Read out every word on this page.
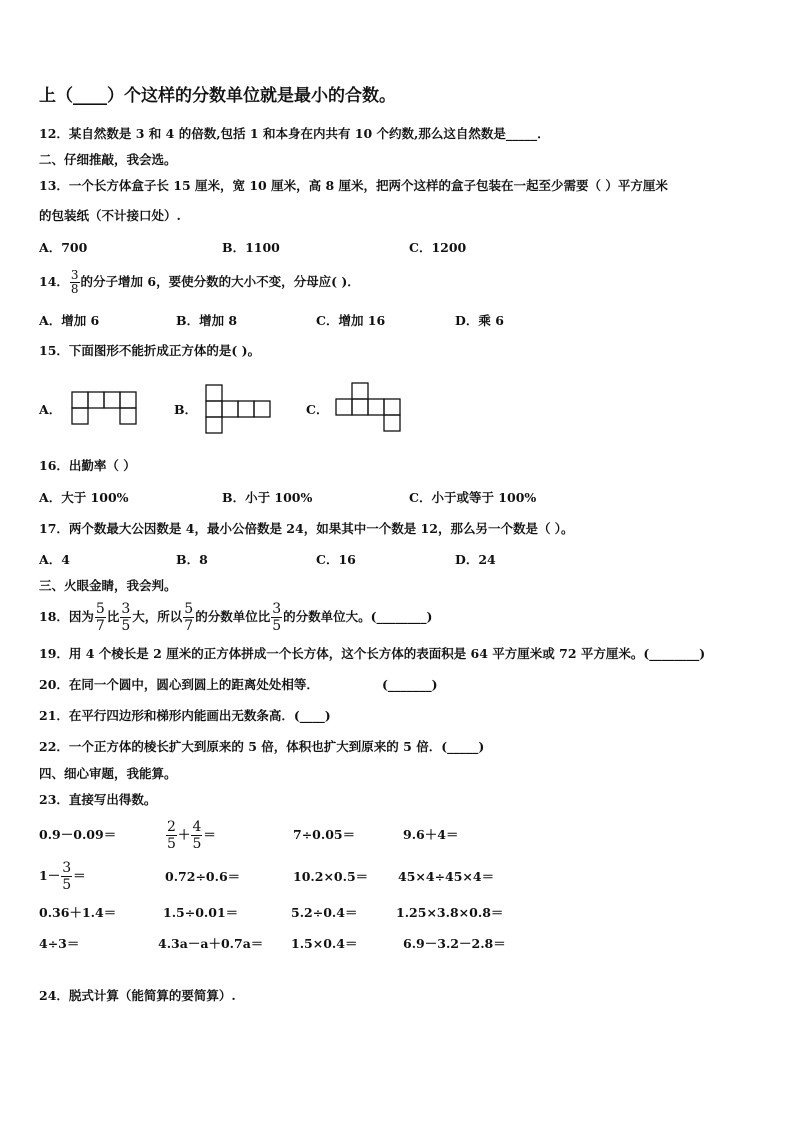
上（____）个这样的分数单位就是最小的合数。
12．某自然数是 3 和 4 的倍数,包括 1 和本身在内共有 10 个约数,那么这自然数是_____．
二、仔细推敲，我会选。
13．一个长方体盒子长 15 厘米，宽 10 厘米，高 8 厘米，把两个这样的盒子包装在一起至少需要（ ）平方厘米
的包装纸（不计接口处）.
A．700	B．1100	C．1200
14． $\frac{3}{8}$ 的分子增加 6，要使分数的大小不变，分母应( )．
A．增加 6	B．增加 8	C．增加 16	D．乘 6
15．下面图形不能折成正方体的是( )。
A．	B．	C．
16．出勤率（ ）
A．大于 100%	B．小于 100%	C．小于或等于 100%
17．两个数最大公因数是 4，最小公倍数是 24，如果其中一个数是 12，那么另一个数是（ ）。
A．4	B．8	C．16	D．24
三、火眼金睛，我会判。
18．因为 $\frac{5}{7}$ 比 $\frac{3}{5}$ 大，所以 $\frac{5}{7}$ 的分数单位比 $\frac{3}{5}$ 的分数单位大。(________)
19．用 4 个棱长是 2 厘米的正方体拼成一个长方体，这个长方体的表面积是 64 平方厘米或 72 平方厘米。(________)
20．在同一个圆中，圆心到圆上的距离处处相等．	(_______)
21．在平行四边形和梯形内能画出无数条高．(____)
22．一个正方体的棱长扩大到原来的 5 倍，体积也扩大到原来的 5 倍．(_____)
四、细心审题，我能算。
23．直接写出得数。
0.9－0.09＝	$\frac{2}{5} + \frac{4}{5}$ ＝	7÷0.05＝	9.6＋4＝
$1- \frac{3}{5}$ ＝	0.72÷0.6＝	10.2×0.5＝ 45×4÷45×4＝
0.36＋1.4＝	1.5÷0.01＝	5.2÷0.4＝	1.25×3.8×0.8＝
4÷3＝	4.3a－a＋0.7a＝ 1.5×0.4＝	6.9－3.2－2.8＝
24．脱式计算（能简算的要简算）.
